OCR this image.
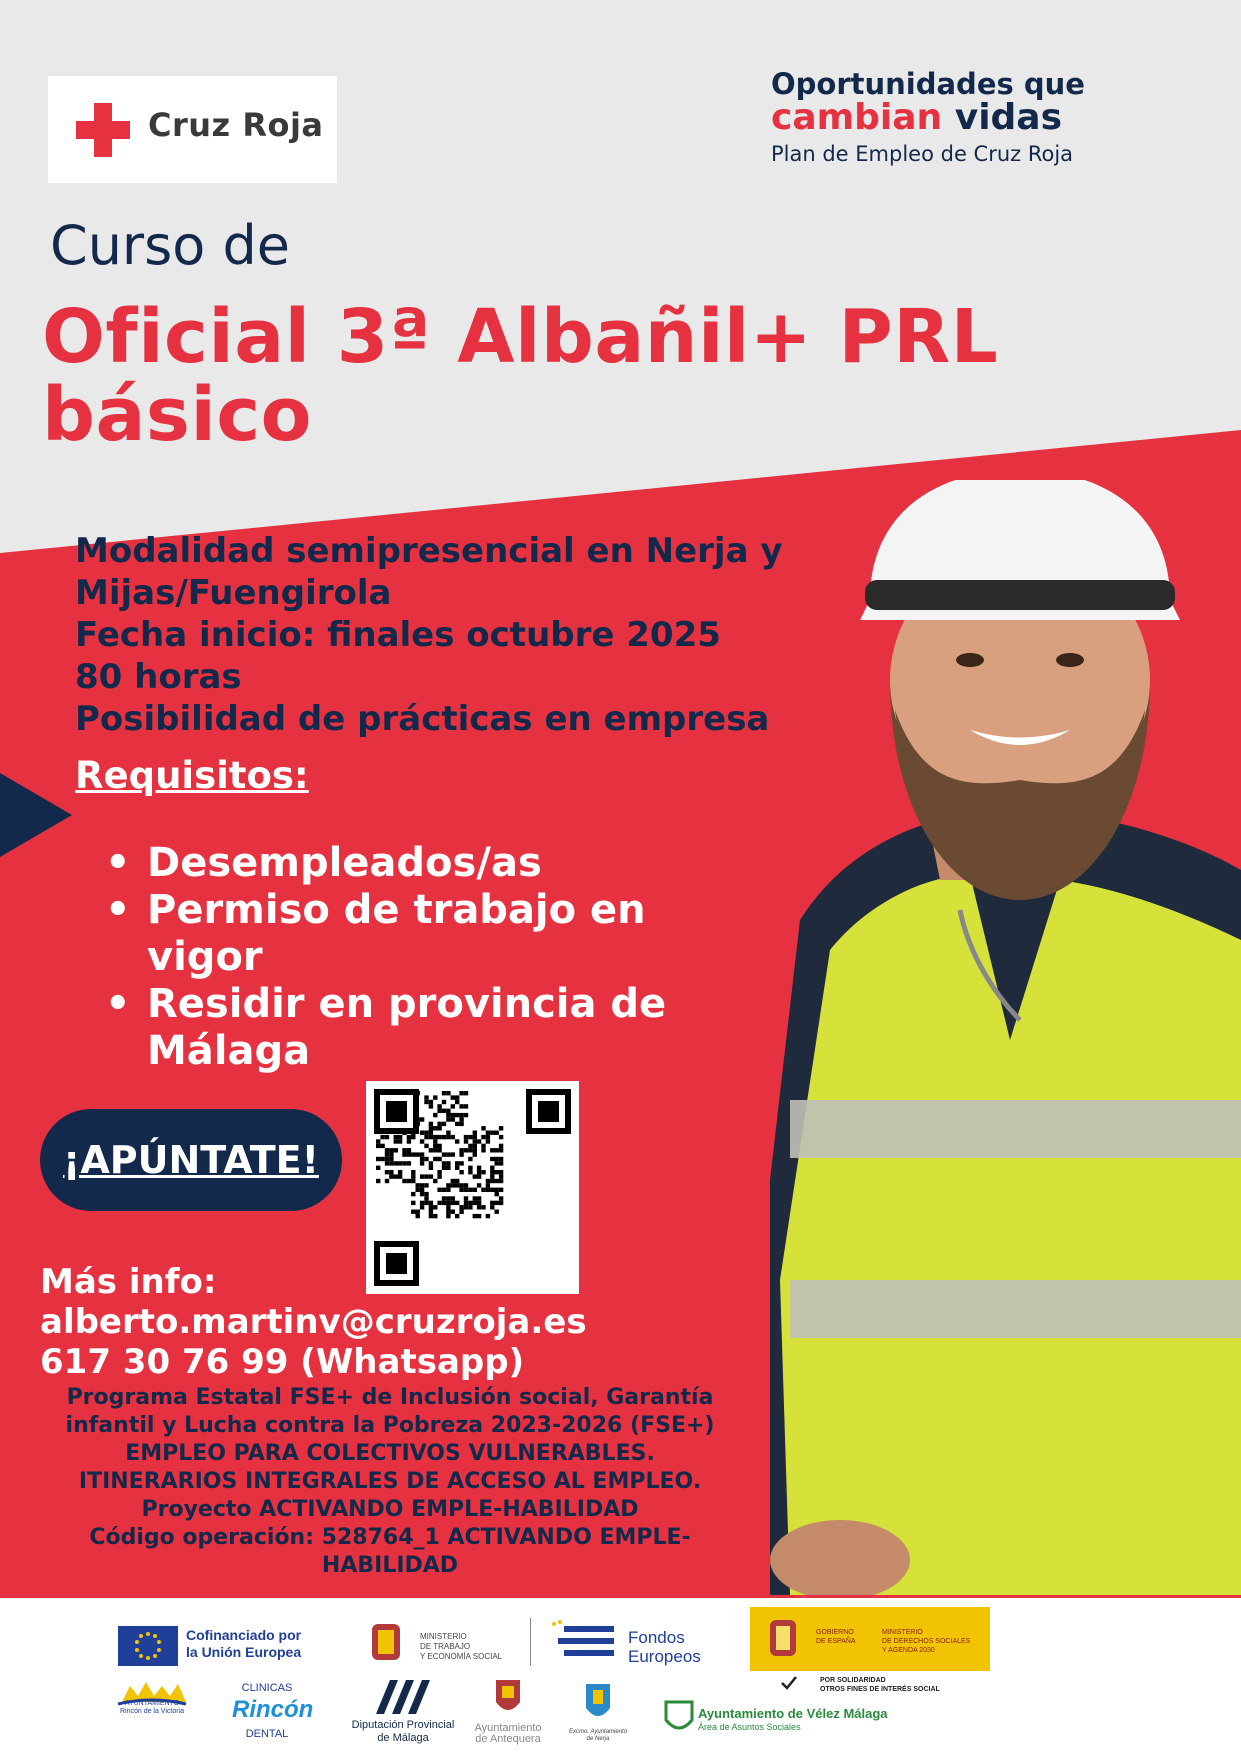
Cruz Roja
Oportunidades que
cambian vidas
Plan de Empleo de Cruz Roja
Curso de
Oficial 3ª Albañil+ PRL
básico
Modalidad semipresencial en Nerja y
Mijas/Fuengirola
Fecha inicio: finales octubre 2025
80 horas
Posibilidad de prácticas en empresa
Requisitos:
• Desempleados/as
• Permiso de trabajo en vigor
• Residir en provincia de Málaga
¡APÚNTATE!
Más info:
alberto.martinv@cruzroja.es
617 30 76 99 (Whatsapp)
Programa Estatal FSE+ de Inclusión social, Garantía
infantil y Lucha contra la Pobreza 2023-2026 (FSE+)
EMPLEO PARA COLECTIVOS VULNERABLES.
ITINERARIOS INTEGRALES DE ACCESO AL EMPLEO.
Proyecto ACTIVANDO EMPLE-HABILIDAD
Código operación: 528764_1 ACTIVANDO EMPLE-
HABILIDAD
Cofinanciado por
la Unión Europea
MINISTERIO
DE TRABAJO
Y ECONOMÍA SOCIAL
Fondos
Europeos
GOBIERNO
DE ESPAÑA
MINISTERIO
DE DERECHOS SOCIALES
Y AGENDA 2030
POR SOLIDARIDAD
OTROS FINES DE INTERÉS SOCIAL
AYUNTAMIENTO
Rincón de la Victoria
CLINICAS
Rincón
DENTAL
Diputación Provincial
de Málaga
Ayuntamiento
de Antequera
Excmo. Ayuntamiento
de Nerja
Ayuntamiento de Vélez Málaga
Área de Asuntos Sociales
